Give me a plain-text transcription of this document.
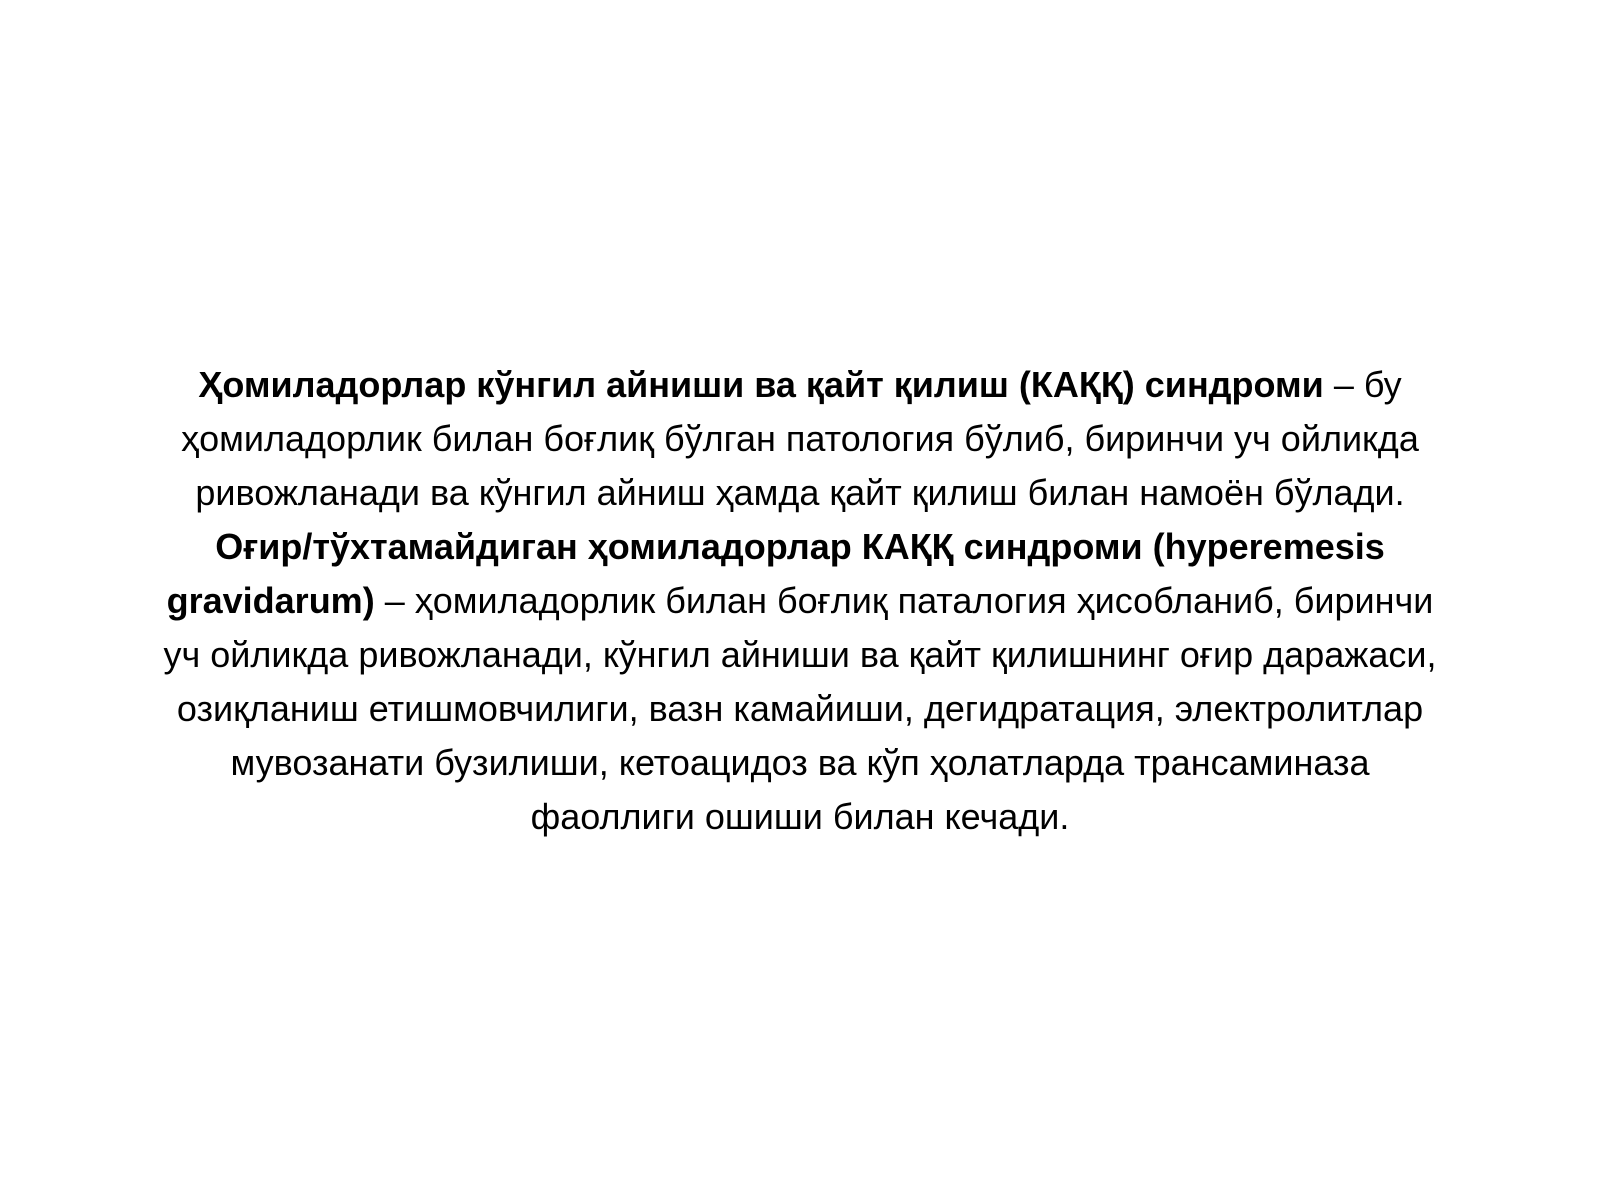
Ҳомиладорлар кўнгил айниши ва қайт қилиш (КАҚҚ) синдроми – бу ҳомиладорлик билан боғлиқ бўлган патология бўлиб, биринчи уч ойликда ривожланади ва кўнгил айниш ҳамда қайт қилиш билан намоён бўлади.

Оғир/тўхтамайдиган ҳомиладорлар КАҚҚ синдроми (hyperemesis gravidarum) – ҳомиладорлик билан боғлиқ паталогия ҳисобланиб, биринчи уч ойликда ривожланади, кўнгил айниши ва қайт қилишнинг оғир даражаси, озиқланиш етишмовчилиги, вазн камайиши, дегидратация, электролитлар мувозанати бузилиши, кетоацидоз ва кўп ҳолатларда трансаминаза фаоллиги ошиши билан кечади.
